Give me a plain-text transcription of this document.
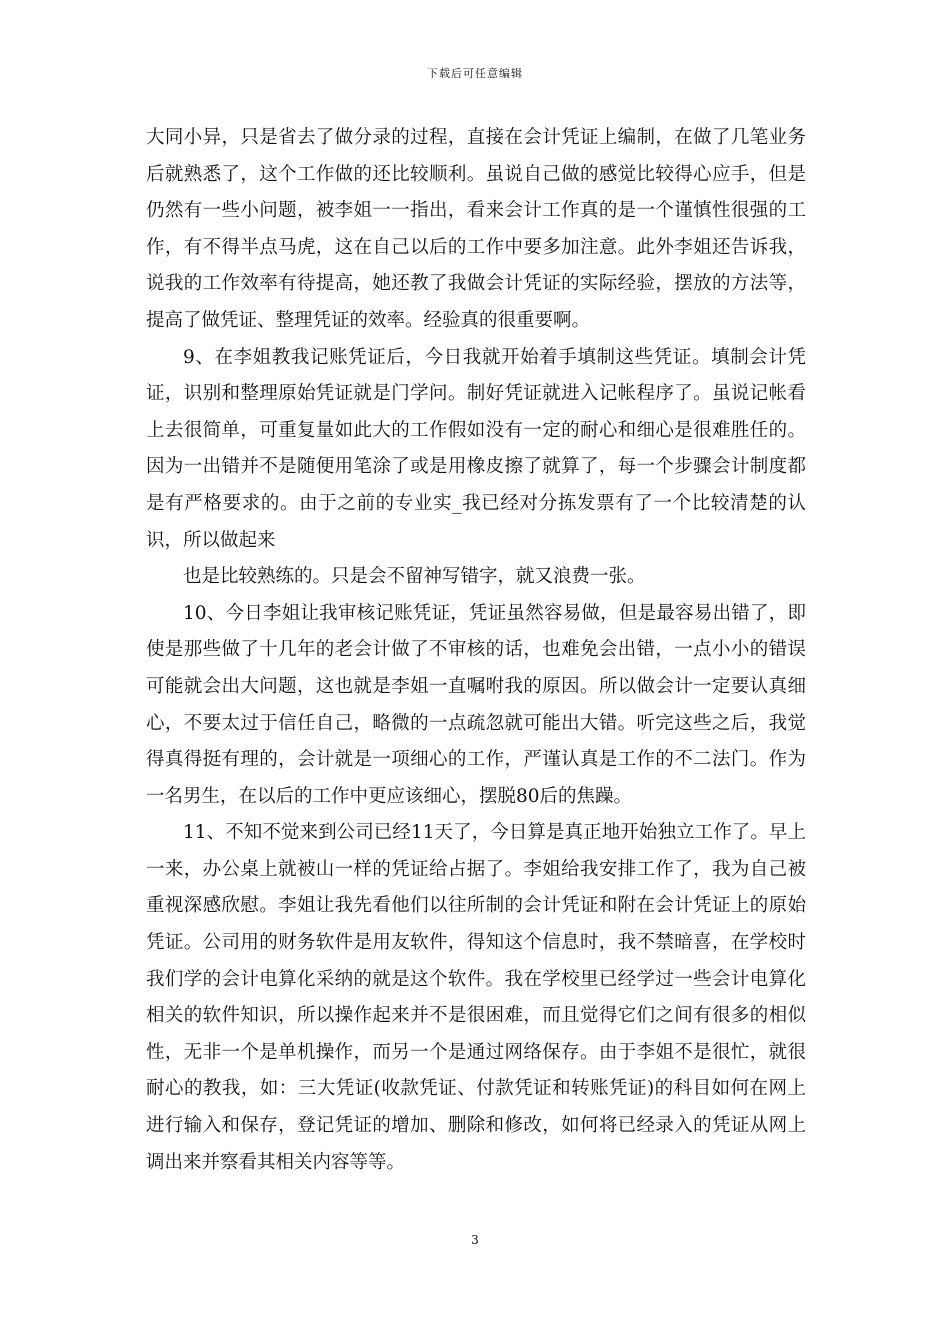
下载后可任意编辑

大同小异，只是省去了做分录的过程，直接在会计凭证上编制，在做了几笔业务后就熟悉了，这个工作做的还比较顺利。虽说自己做的感觉比较得心应手，但是仍然有一些小问题，被李姐一一指出，看来会计工作真的是一个谨慎性很强的工作，有不得半点马虎，这在自己以后的工作中要多加注意。此外李姐还告诉我，说我的工作效率有待提高，她还教了我做会计凭证的实际经验，摆放的方法等，提高了做凭证、整理凭证的效率。经验真的很重要啊。

9、在李姐教我记账凭证后，今日我就开始着手填制这些凭证。填制会计凭证，识别和整理原始凭证就是门学问。制好凭证就进入记帐程序了。虽说记帐看上去很简单，可重复量如此大的工作假如没有一定的耐心和细心是很难胜任的。因为一出错并不是随便用笔涂了或是用橡皮擦了就算了，每一个步骤会计制度都是有严格要求的。由于之前的专业实_我已经对分拣发票有了一个比较清楚的认识，所以做起来

也是比较熟练的。只是会不留神写错字，就又浪费一张。

10、今日李姐让我审核记账凭证，凭证虽然容易做，但是最容易出错了，即使是那些做了十几年的老会计做了不审核的话，也难免会出错，一点小小的错误可能就会出大问题，这也就是李姐一直嘱咐我的原因。所以做会计一定要认真细心，不要太过于信任自己，略微的一点疏忽就可能出大错。听完这些之后，我觉得真得挺有理的，会计就是一项细心的工作，严谨认真是工作的不二法门。作为一名男生，在以后的工作中更应该细心，摆脱80后的焦躁。

11、不知不觉来到公司已经11天了，今日算是真正地开始独立工作了。早上一来，办公桌上就被山一样的凭证给占据了。李姐给我安排工作了，我为自己被重视深感欣慰。李姐让我先看他们以往所制的会计凭证和附在会计凭证上的原始凭证。公司用的财务软件是用友软件，得知这个信息时，我不禁暗喜，在学校时我们学的会计电算化采纳的就是这个软件。我在学校里已经学过一些会计电算化相关的软件知识，所以操作起来并不是很困难，而且觉得它们之间有很多的相似性，无非一个是单机操作，而另一个是通过网络保存。由于李姐不是很忙，就很耐心的教我，如：三大凭证(收款凭证、付款凭证和转账凭证)的科目如何在网上进行输入和保存，登记凭证的增加、删除和修改，如何将已经录入的凭证从网上调出来并察看其相关内容等等。

3
